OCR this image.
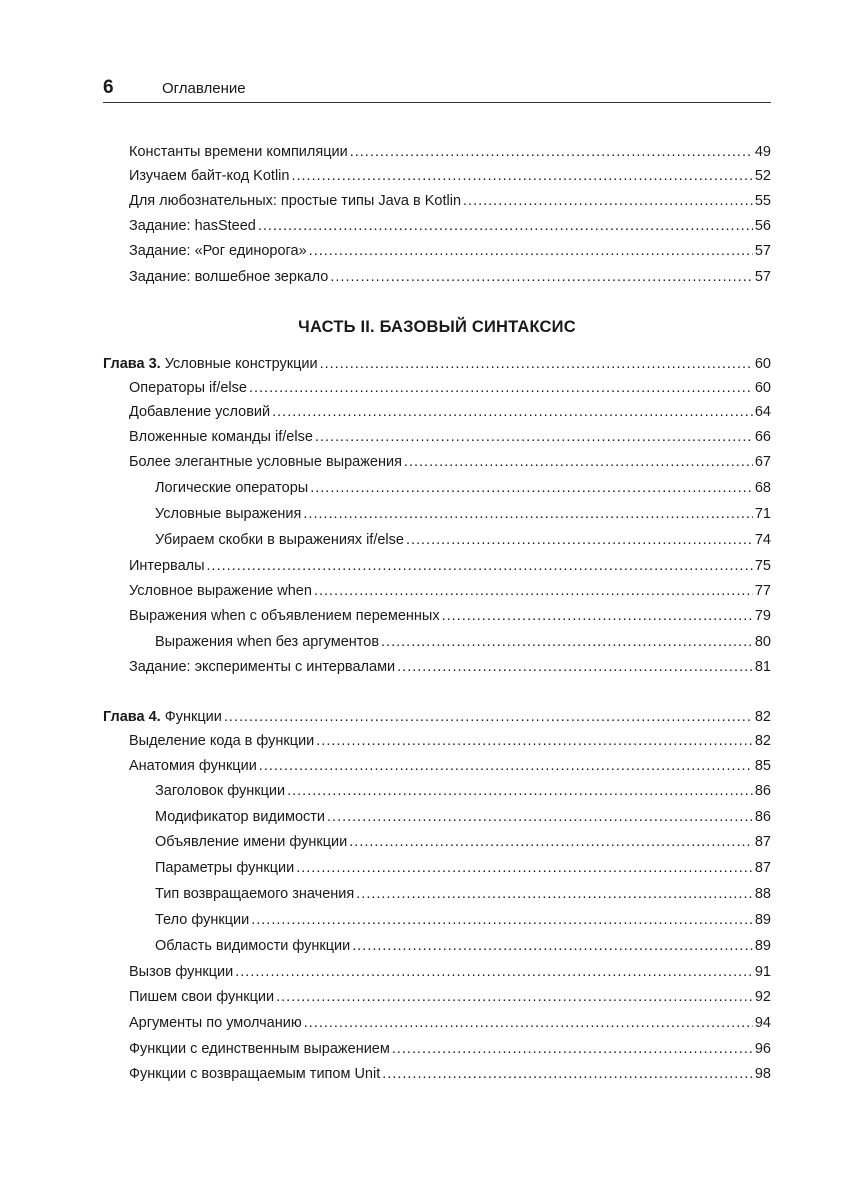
6	Оглавление
Константы времени компиляции .....	49
Изучаем байт-код Kotlin .....	52
Для любознательных: простые типы Java в Kotlin .....	55
Задание: hasSteed .....	56
Задание: «Рог единорога» .....	57
Задание: волшебное зеркало .....	57
ЧАСТЬ II. БАЗОВЫЙ СИНТАКСИС
Глава 3. Условные конструкции .....	60
Операторы if/else .....	60
Добавление условий .....	64
Вложенные команды if/else .....	66
Более элегантные условные выражения .....	67
Логические операторы .....	68
Условные выражения .....	71
Убираем скобки в выражениях if/else .....	74
Интервалы .....	75
Условное выражение when .....	77
Выражения when с объявлением переменных .....	79
Выражения when без аргументов .....	80
Задание: эксперименты с интервалами .....	81
Глава 4. Функции .....	82
Выделение кода в функции .....	82
Анатомия функции .....	85
Заголовок функции .....	86
Модификатор видимости .....	86
Объявление имени функции .....	87
Параметры функции .....	87
Тип возвращаемого значения .....	88
Тело функции .....	89
Область видимости функции .....	89
Вызов функции .....	91
Пишем свои функции .....	92
Аргументы по умолчанию .....	94
Функции с единственным выражением .....	96
Функции с возвращаемым типом Unit .....	98
